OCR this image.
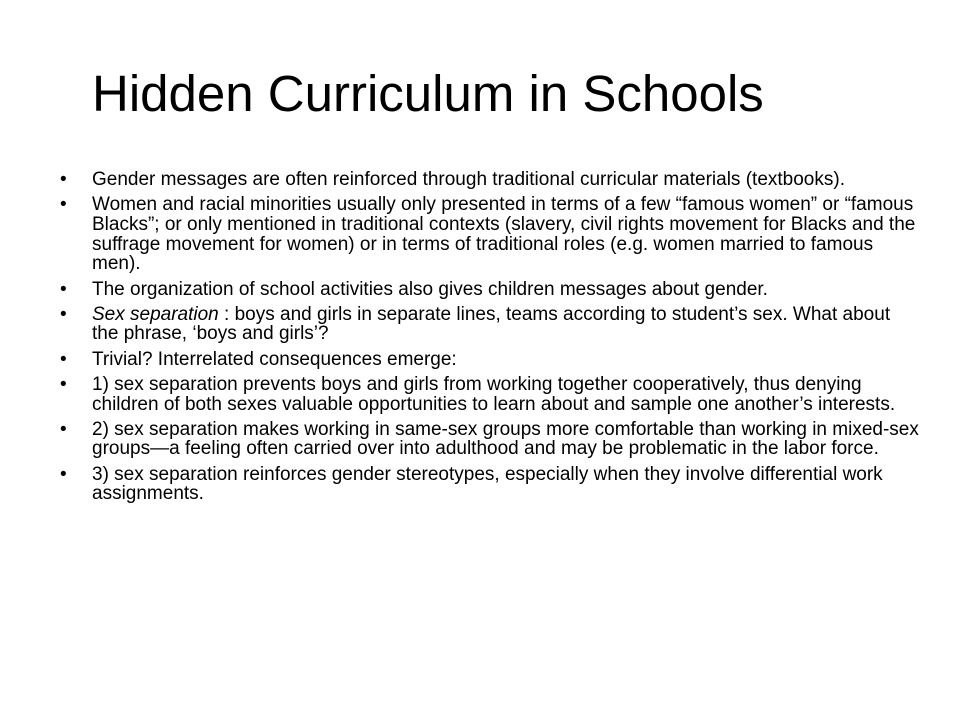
Hidden Curriculum in Schools
• Gender messages are often reinforced through traditional curricular materials (textbooks).
• Women and racial minorities usually only presented in terms of a few “famous women” or “famous Blacks”; or only mentioned in traditional contexts (slavery, civil rights movement for Blacks and the suffrage movement for women) or in terms of traditional roles (e.g. women married to famous men).
• The organization of school activities also gives children messages about gender.
• Sex separation : boys and girls in separate lines, teams according to student’s sex. What about the phrase, ‘boys and girls’?
• Trivial? Interrelated consequences emerge:
• 1) sex separation prevents boys and girls from working together cooperatively, thus denying children of both sexes valuable opportunities to learn about and sample one another’s interests.
• 2) sex separation makes working in same-sex groups more comfortable than working in mixed-sex groups—a feeling often carried over into adulthood and may be problematic in the labor force.
• 3) sex separation reinforces gender stereotypes, especially when they involve differential work assignments.
